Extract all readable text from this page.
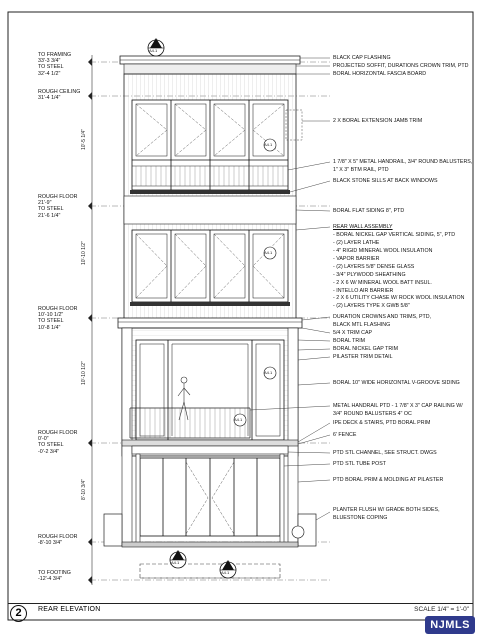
10'-5 1/4"
10'-10 1/2"
10'-10 1/2"
8'-10 3/4"
TO FRAMING
33'-3 3/4"
TO STEEL
32'-4 1/2"
ROUGH CEILING
31'-4 1/4"
ROUGH FLOOR
21'-9"
TO STEEL
21'-6 1/4"
ROUGH FLOOR
10'-10 1/2"
TO STEEL
10'-8 1/4"
ROUGH FLOOR
0'-0"
TO STEEL
-0'-2 3/4"
ROUGH FLOOR
-8'-10 3/4"
TO FOOTING
-12'-4 3/4"
BLACK CAP FLASHING
PROJECTED SOFFIT, DURATIONS CROWN TRIM, PTD
BORAL HORIZONTAL FASCIA BOARD
2 X BORAL EXTENSION JAMB TRIM
1 7/8" X 5" METAL HANDRAIL, 3/4" ROUND BALUSTERS,
1" X 3" BTM RAIL, PTD
BLACK STONE SILLS AT BACK WINDOWS
BORAL FLAT SIDING 8", PTD
REAR WALL ASSEMBLY
- BORAL NICKEL GAP VERTICAL SIDING, 5", PTD
- (2) LAYER LATHE
- 4" RIGID MINERAL WOOL INSULATION
- VAPOR BARRIER
- (2) LAYERS 5/8" DENSE GLASS
- 3/4" PLYWOOD SHEATHING
- 2 X 6 W/ MINERAL WOOL BATT INSUL.
- INTELLO AIR BARRIER
- 2 X 6 UTILITY CHASE W/ ROCK WOOL INSULATION
- (2) LAYERS TYPE X GWB 5/8"
DURATION CROWNS AND TRIMS, PTD,
BLACK MTL FLASHING
5/4 X TRIM CAP
BORAL TRIM
BORAL NICKEL GAP TRIM
PILASTER TRIM DETAIL
BORAL 10" WIDE HORIZONTAL V-GROOVE SIDING
METAL HANDRAIL PTD - 1 7/8" X 3" CAP RAILING W/
3/4" ROUND BALUSTERS 4" OC
IPE DECK & STAIRS, PTD BORAL PRIM
6' FENCE
PTD STL CHANNEL, SEE STRUCT. DWGS
PTD STL TUBE POST
PTD BORAL PRIM & MOLDING AT PILASTER
PLANTER FLUSH W/ GRADE BOTH SIDES,
BLUESTONE COPING
A4.1
A4.1
A4.1
A4.1
A4.1
A4.1
A4.1
2	REAR ELEVATION	SCALE 1/4" = 1'-0"
NJMLS
